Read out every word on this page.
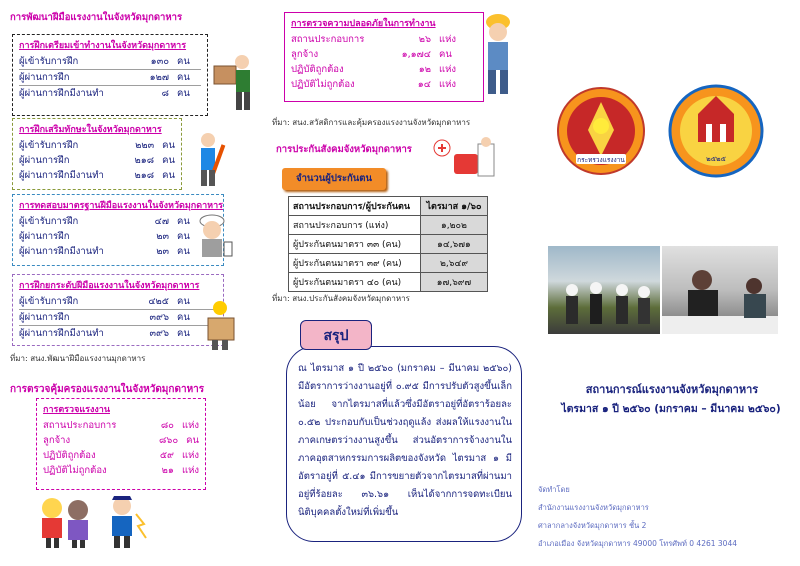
การพัฒนาฝีมือแรงงานในจังหวัดมุกดาหาร
การฝึกเตรียมเข้าทำงานในจังหวัดมุกดาหาร
ผู้เข้ารับการฝึก	๑๓๐ คน
ผู้ผ่านการฝึก	๑๒๗ คน
ผู้ผ่านการฝึกมีงานทำ	๘ คน
การฝึกเสริมทักษะในจังหวัดมุกดาหาร
ผู้เข้ารับการฝึก	๒๒๓ คน
ผู้ผ่านการฝึก	๒๑๘ คน
ผู้ผ่านการฝึกมีงานทำ	๒๑๘ คน
การทดสอบมาตรฐานฝีมือแรงงานในจังหวัดมุกดาหาร
ผู้เข้ารับการฝึก	๔๗ คน
ผู้ผ่านการฝึก	๒๓ คน
ผู้ผ่านการฝึกมีงานทำ	๒๓ คน
การฝึกยกระดับฝีมือแรงงานในจังหวัดมุกดาหาร
ผู้เข้ารับการฝึก	๔๒๕ คน
ผู้ผ่านการฝึก	๓๙๖ คน
ผู้ผ่านการฝึกมีงานทำ	๓๙๖ คน
ที่มา: สนง.พัฒนาฝีมือแรงงานมุกดาหาร
การตรวจคุ้มครองแรงงานในจังหวัดมุกดาหาร
การตรวจแรงงาน
สถานประกอบการ	๘๐ แห่ง
ลูกจ้าง	๘๖๐ คน
ปฏิบัติถูกต้อง	๕๙ แห่ง
ปฏิบัติไม่ถูกต้อง	๒๑ แห่ง
การตรวจความปลอดภัยในการทำงาน
สถานประกอบการ	๒๖ แห่ง
ลูกจ้าง	๑,๑๗๔ คน
ปฏิบัติถูกต้อง	๑๒ แห่ง
ปฏิบัติไม่ถูกต้อง	๑๔ แห่ง
ที่มา: สนง.สวัสดิการและคุ้มครองแรงงานจังหวัดมุกดาหาร
การประกันสังคมจังหวัดมุกดาหาร
จำนวนผู้ประกันตน
สถานประกอบการ/ผู้ประกันตน	ไตรมาส ๑/๖๐
สถานประกอบการ (แห่ง)	๑,๒๐๒
ผู้ประกันตนมาตรา ๓๓ (คน)	๑๔,๖๗๑
ผู้ประกันตนมาตรา ๓๙ (คน)	๒,๖๔๙
ผู้ประกันตนมาตรา ๔๐ (คน)	๑๗,๖๙๗
ที่มา: สนง.ประกันสังคมจังหวัดมุกดาหาร
สรุป
ณ ไตรมาส ๑ ปี ๒๕๖๐ (มกราคม – มีนาคม ๒๕๖๐) มีอัตราการว่างงานอยู่ที่ ๐.๙๕ มีการปรับตัวสูงขึ้นเล็กน้อย จากไตรมาสที่แล้วซึ่งมีอัตราอยู่ที่อัตราร้อยละ ๐.๕๒ ประกอบกับเป็นช่วงฤดูแล้ง ส่งผลให้แรงงานในภาคเกษตรว่างงานสูงขึ้น ส่วนอัตราการจ้างงานในภาคอุตสาหกรรมการผลิตของจังหวัด ไตรมาส ๑ มีอัตราอยู่ที่ ๕.๔๑ มีการขยายตัวจากไตรมาสที่ผ่านมาอยู่ที่ร้อยละ ๓๖.๖๑ เห็นได้จากการจดทะเบียนนิติบุคคลตั้งใหม่ที่เพิ่มขึ้น
กระทรวงแรงงาน	๒๕๒๕
สถานการณ์แรงงานจังหวัดมุกดาหาร
ไตรมาส ๑ ปี ๒๕๖๐ (มกราคม – มีนาคม ๒๕๖๐)
จัดทำโดย
สำนักงานแรงงานจังหวัดมุกดาหาร
ศาลากลางจังหวัดมุกดาหาร ชั้น 2
อำเภอเมือง จังหวัดมุกดาหาร 49000 โทรศัพท์ 0 4261 3044
